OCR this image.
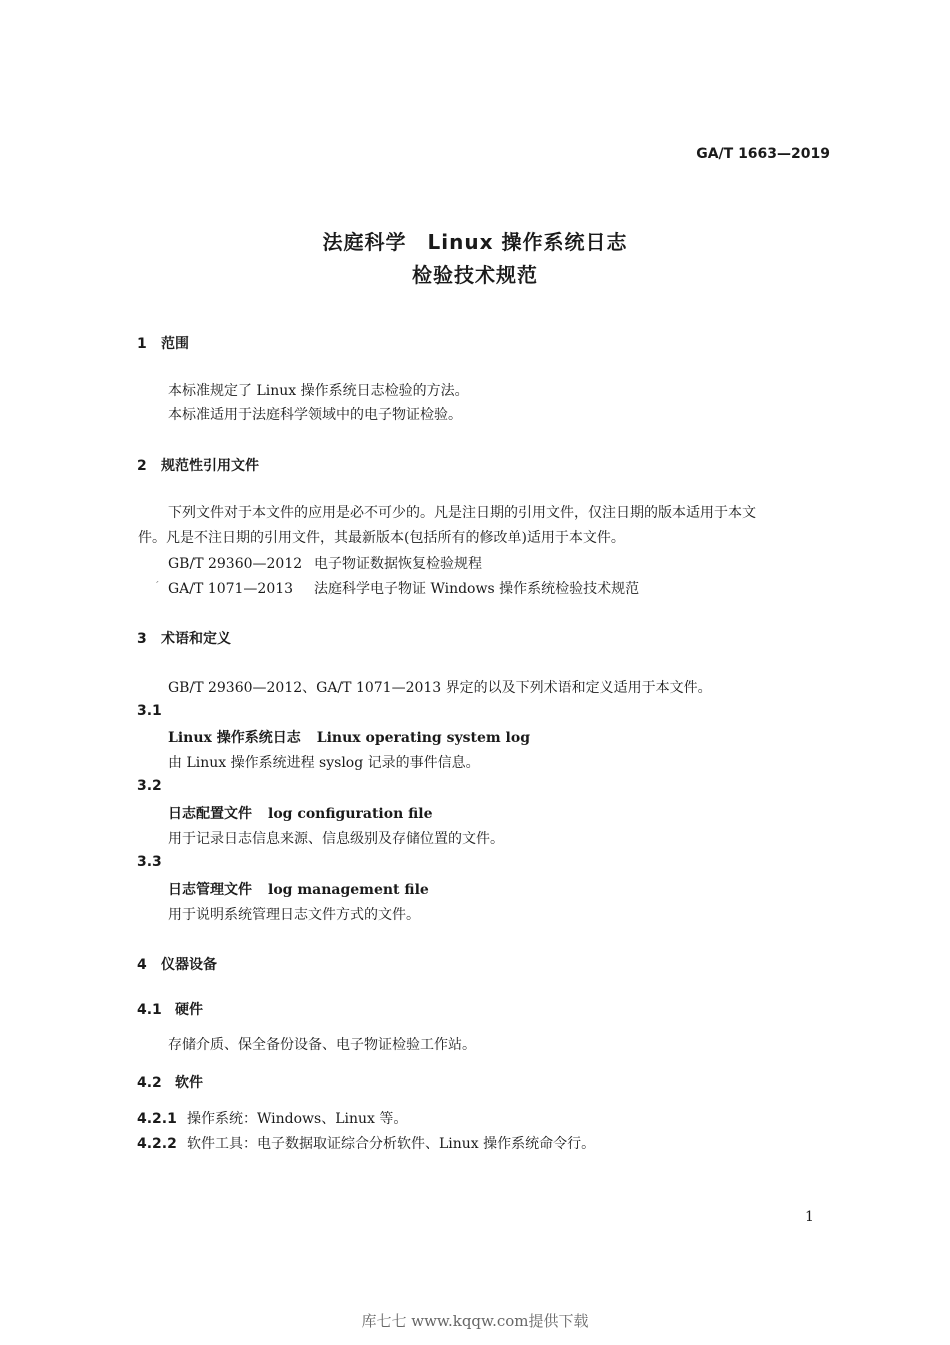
GA/T 1663—2019
法庭科学　Linux 操作系统日志
检验技术规范
1 范围
本标准规定了 Linux 操作系统日志检验的方法。
本标准适用于法庭科学领域中的电子物证检验。
2 规范性引用文件
下列文件对于本文件的应用是必不可少的。凡是注日期的引用文件，仅注日期的版本适用于本文
件。凡是不注日期的引用文件，其最新版本(包括所有的修改单)适用于本文件。
GB/T 29360—2012 电子物证数据恢复检验规程
ˊ GA/T 1071—2013 法庭科学电子物证 Windows 操作系统检验技术规范
3 术语和定义
GB/T 29360—2012、GA/T 1071—2013 界定的以及下列术语和定义适用于本文件。
3.1
Linux 操作系统日志 Linux operating system log
由 Linux 操作系统进程 syslog 记录的事件信息。
3.2
日志配置文件 log configuration file
用于记录日志信息来源、信息级别及存储位置的文件。
3.3
日志管理文件 log management file
用于说明系统管理日志文件方式的文件。
4 仪器设备
4.1 硬件
存储介质、保全备份设备、电子物证检验工作站。
4.2 软件
4.2.1 操作系统：Windows、Linux 等。
4.2.2 软件工具：电子数据取证综合分析软件、Linux 操作系统命令行。
1
库七七 www.kqqw.com提供下载
